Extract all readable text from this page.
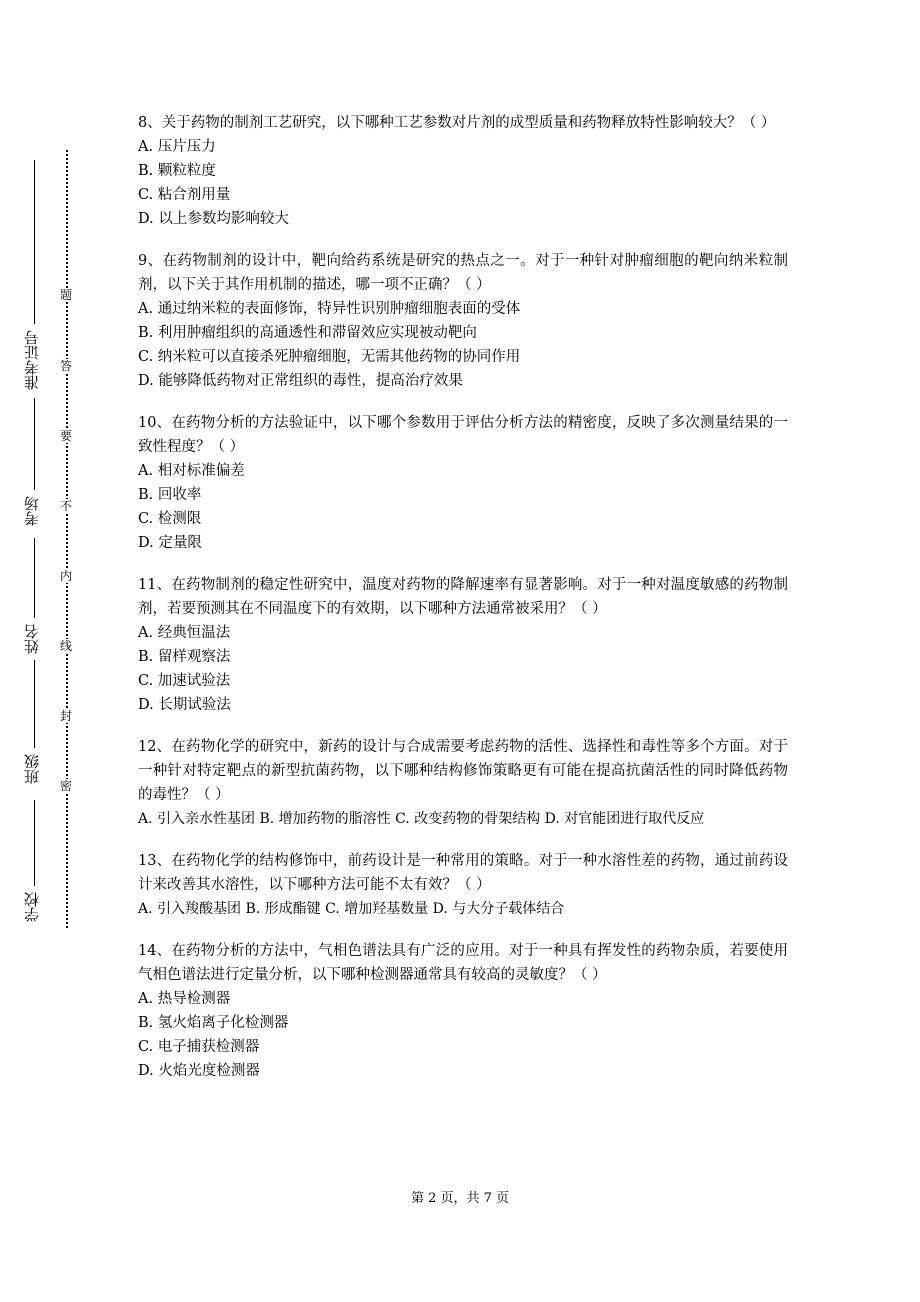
准考证号
考场
姓名
班级
学校
题
答
要
不
内
线
封
密

8、关于药物的制剂工艺研究，以下哪种工艺参数对片剂的成型质量和药物释放特性影响较大？（ ）

A. 压片压力

B. 颗粒粒度

C. 粘合剂用量

D. 以上参数均影响较大

9、在药物制剂的设计中，靶向给药系统是研究的热点之一。对于一种针对肿瘤细胞的靶向纳米粒制剂，以下关于其作用机制的描述，哪一项不正确？（ ）

A. 通过纳米粒的表面修饰，特异性识别肿瘤细胞表面的受体

B. 利用肿瘤组织的高通透性和滞留效应实现被动靶向

C. 纳米粒可以直接杀死肿瘤细胞，无需其他药物的协同作用

D. 能够降低药物对正常组织的毒性，提高治疗效果

10、在药物分析的方法验证中，以下哪个参数用于评估分析方法的精密度，反映了多次测量结果的一致性程度？（ ）

A. 相对标准偏差

B. 回收率

C. 检测限

D. 定量限

11、在药物制剂的稳定性研究中，温度对药物的降解速率有显著影响。对于一种对温度敏感的药物制剂，若要预测其在不同温度下的有效期，以下哪种方法通常被采用？（ ）

A. 经典恒温法

B. 留样观察法

C. 加速试验法

D. 长期试验法

12、在药物化学的研究中，新药的设计与合成需要考虑药物的活性、选择性和毒性等多个方面。对于一种针对特定靶点的新型抗菌药物，以下哪种结构修饰策略更有可能在提高抗菌活性的同时降低药物的毒性？（ ）

A. 引入亲水性基团 B. 增加药物的脂溶性 C. 改变药物的骨架结构 D. 对官能团进行取代反应

13、在药物化学的结构修饰中，前药设计是一种常用的策略。对于一种水溶性差的药物，通过前药设计来改善其水溶性，以下哪种方法可能不太有效？（ ）

A. 引入羧酸基团 B. 形成酯键 C. 增加羟基数量 D. 与大分子载体结合

14、在药物分析的方法中，气相色谱法具有广泛的应用。对于一种具有挥发性的药物杂质，若要使用气相色谱法进行定量分析，以下哪种检测器通常具有较高的灵敏度？（ ）

A. 热导检测器

B. 氢火焰离子化检测器

C. 电子捕获检测器

D. 火焰光度检测器

第 2 页，共 7 页
